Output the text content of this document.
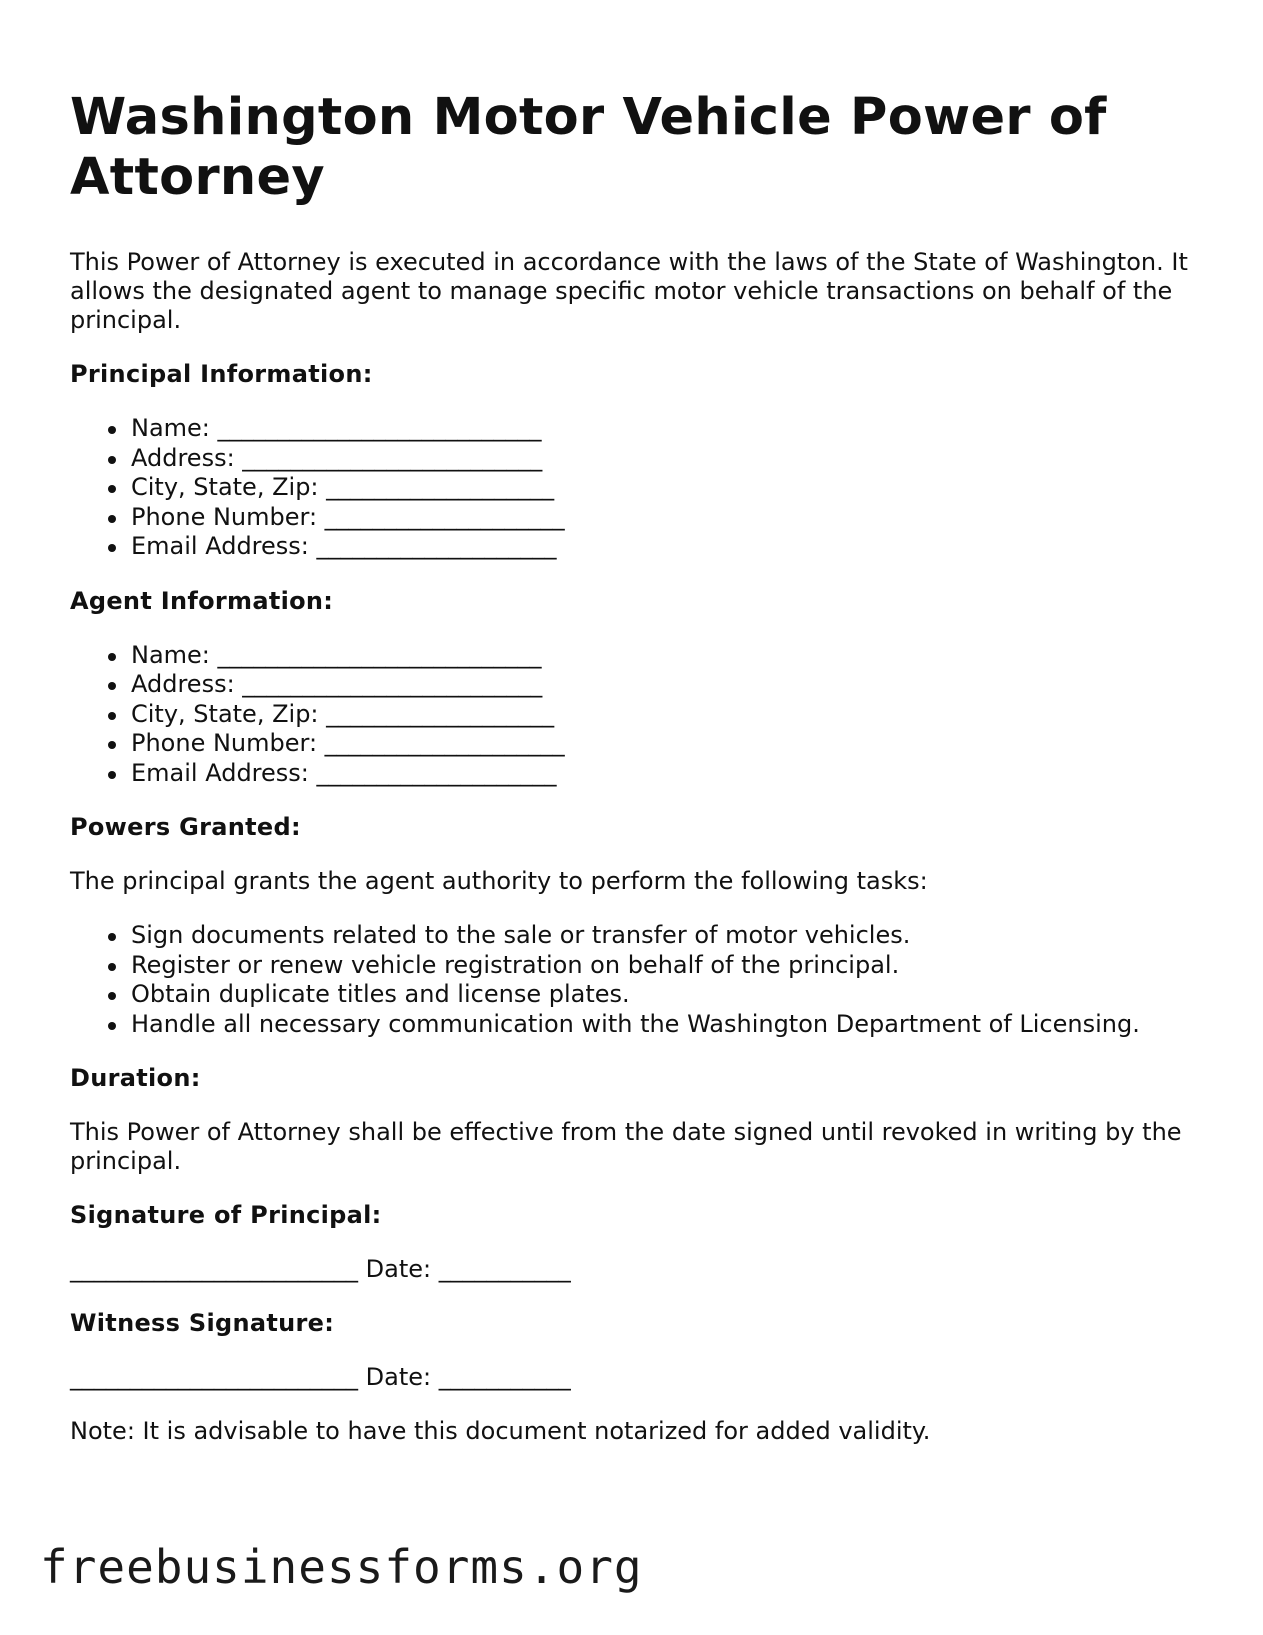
Washington Motor Vehicle Power of Attorney

This Power of Attorney is executed in accordance with the laws of the State of Washington. It allows the designated agent to manage specific motor vehicle transactions on behalf of the principal.

Principal Information:
Name: ___________________________
Address: _________________________
City, State, Zip: ___________________
Phone Number: ____________________
Email Address: ____________________
Agent Information:
Name: ___________________________
Address: _________________________
City, State, Zip: ___________________
Phone Number: ____________________
Email Address: ____________________
Powers Granted:

The principal grants the agent authority to perform the following tasks:

Sign documents related to the sale or transfer of motor vehicles.
Register or renew vehicle registration on behalf of the principal.
Obtain duplicate titles and license plates.
Handle all necessary communication with the Washington Department of Licensing.
Duration:

This Power of Attorney shall be effective from the date signed until revoked in writing by the principal.

Signature of Principal:

________________________ Date: ___________

Witness Signature:

________________________ Date: ___________

Note: It is advisable to have this document notarized for added validity.

freebusinessforms.org
